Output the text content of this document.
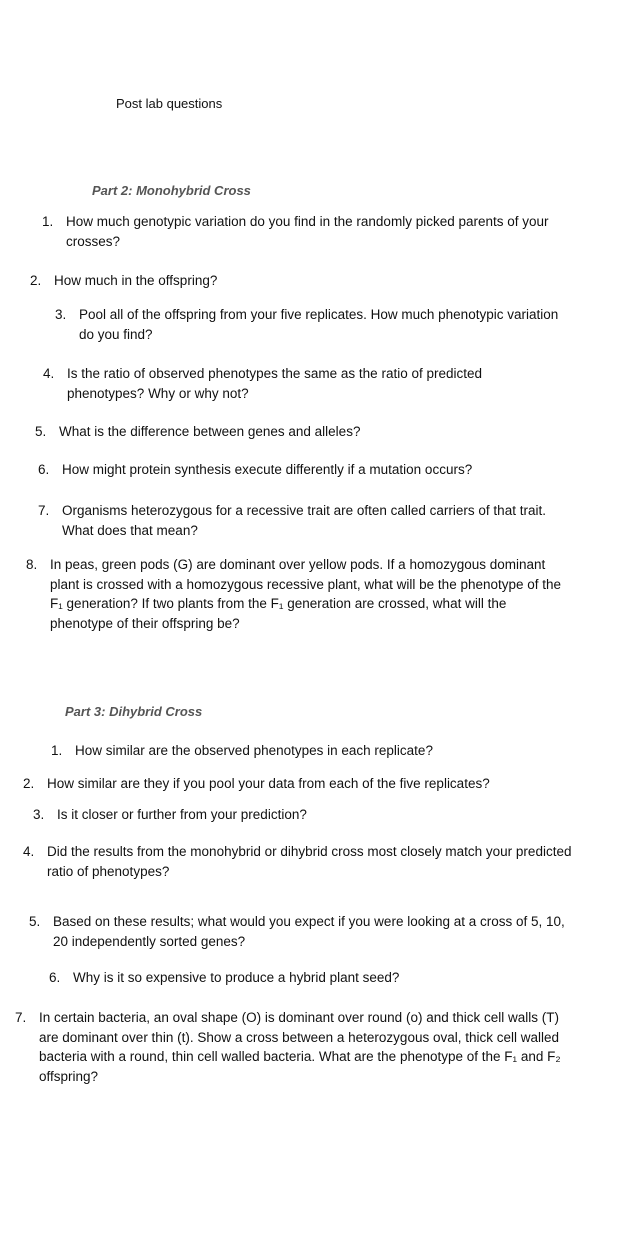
Post lab questions
Part 2: Monohybrid Cross
1. How much genotypic variation do you find in the randomly picked parents of your crosses?
2. How much in the offspring?
3. Pool all of the offspring from your five replicates. How much phenotypic variation do you find?
4. Is the ratio of observed phenotypes the same as the ratio of predicted phenotypes? Why or why not?
5. What is the difference between genes and alleles?
6. How might protein synthesis execute differently if a mutation occurs?
7. Organisms heterozygous for a recessive trait are often called carriers of that trait. What does that mean?
8. In peas, green pods (G) are dominant over yellow pods. If a homozygous dominant plant is crossed with a homozygous recessive plant, what will be the phenotype of the F₁ generation? If two plants from the F₁ generation are crossed, what will the phenotype of their offspring be?
Part 3: Dihybrid Cross
1. How similar are the observed phenotypes in each replicate?
2. How similar are they if you pool your data from each of the five replicates?
3. Is it closer or further from your prediction?
4. Did the results from the monohybrid or dihybrid cross most closely match your predicted ratio of phenotypes?
5. Based on these results; what would you expect if you were looking at a cross of 5, 10, 20 independently sorted genes?
6. Why is it so expensive to produce a hybrid plant seed?
7. In certain bacteria, an oval shape (O) is dominant over round (o) and thick cell walls (T) are dominant over thin (t). Show a cross between a heterozygous oval, thick cell walled bacteria with a round, thin cell walled bacteria. What are the phenotype of the F₁ and F₂ offspring?
